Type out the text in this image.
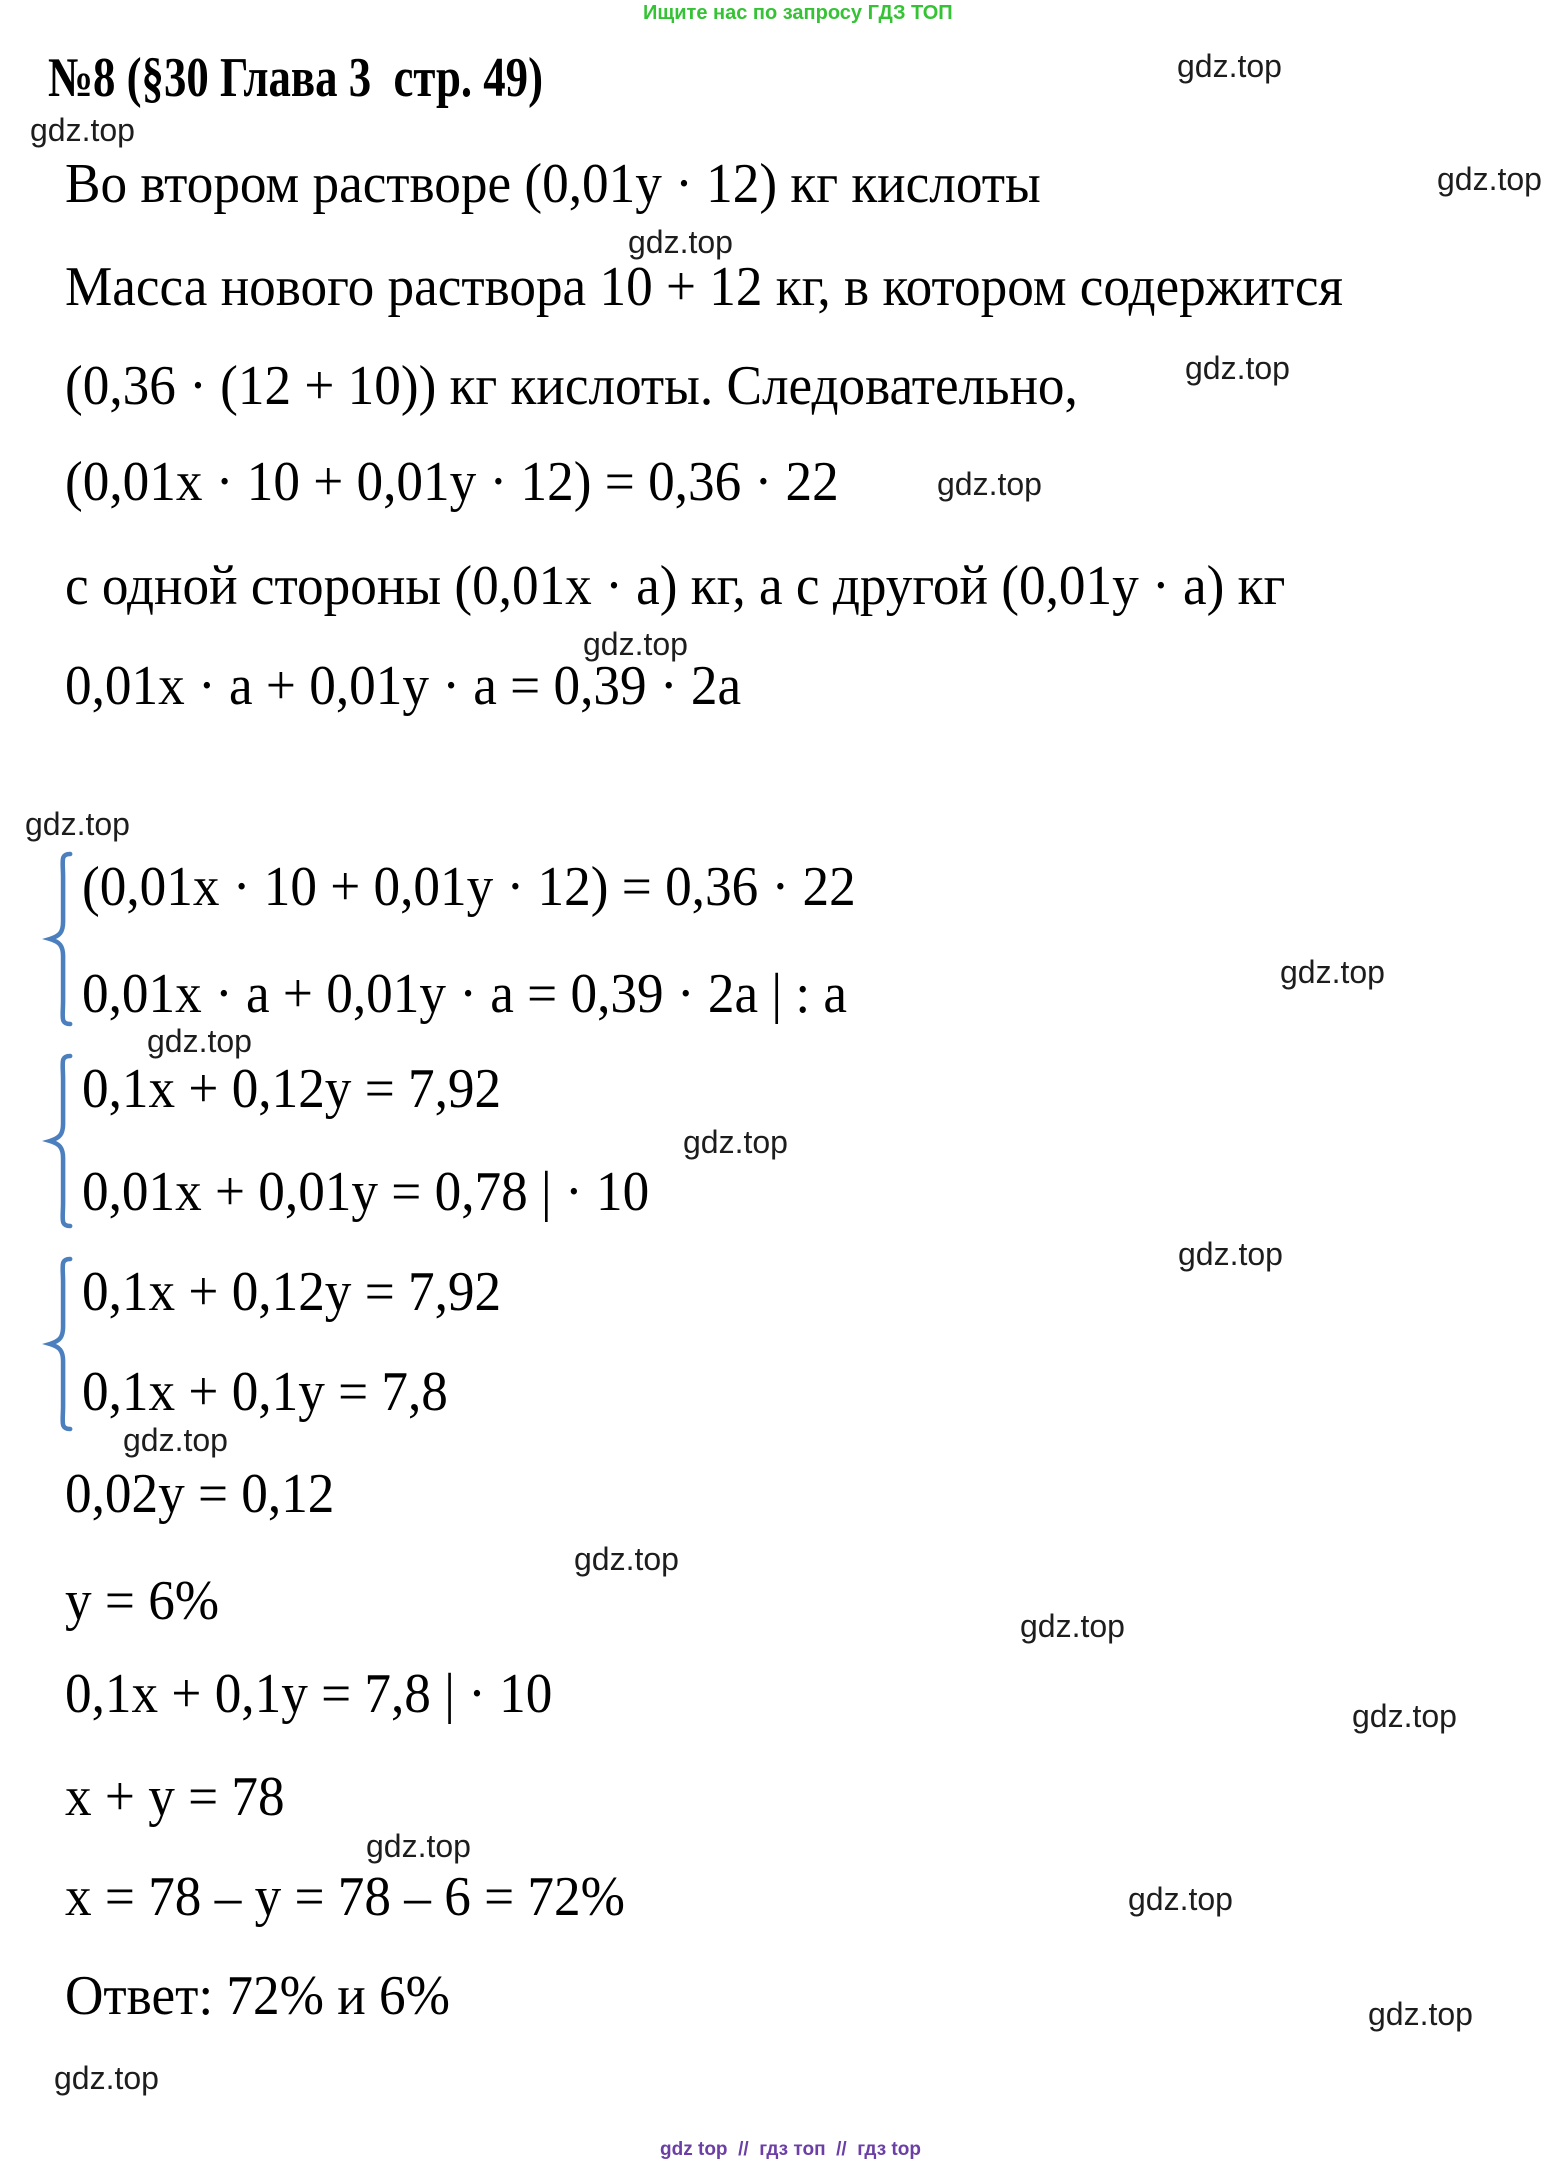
Ищите нас по запросу ГДЗ ТОП
№8 (§30 Глава 3  стр. 49)
Во втором растворе (0,01y · 12) кг кислоты
Масса нового раствора 10 + 12 кг, в котором содержится
(0,36 · (12 + 10)) кг кислоты. Следовательно,
(0,01x · 10 + 0,01y · 12) = 0,36 · 22
с одной стороны (0,01x · a) кг, а с другой (0,01y · a) кг
0,01x · a + 0,01y · a = 0,39 · 2a
(0,01x · 10 + 0,01y · 12) = 0,36 · 22
0,01x · a + 0,01y · a = 0,39 · 2a | : a
0,1x + 0,12y = 7,92
0,01x + 0,01y = 0,78 | · 10
0,1x + 0,12y = 7,92
0,1x + 0,1y = 7,8
0,02y = 0,12
y = 6%
0,1x + 0,1y = 7,8 | · 10
x + y = 78
x = 78 – y = 78 – 6 = 72%
Ответ: 72% и 6%
gdz.top
gdz.top
gdz.top
gdz.top
gdz.top
gdz.top
gdz.top
gdz.top
gdz.top
gdz.top
gdz.top
gdz.top
gdz.top
gdz.top
gdz.top
gdz.top
gdz.top
gdz.top
gdz.top
gdz.top
gdz top  //  гдз топ  //  гдз top
